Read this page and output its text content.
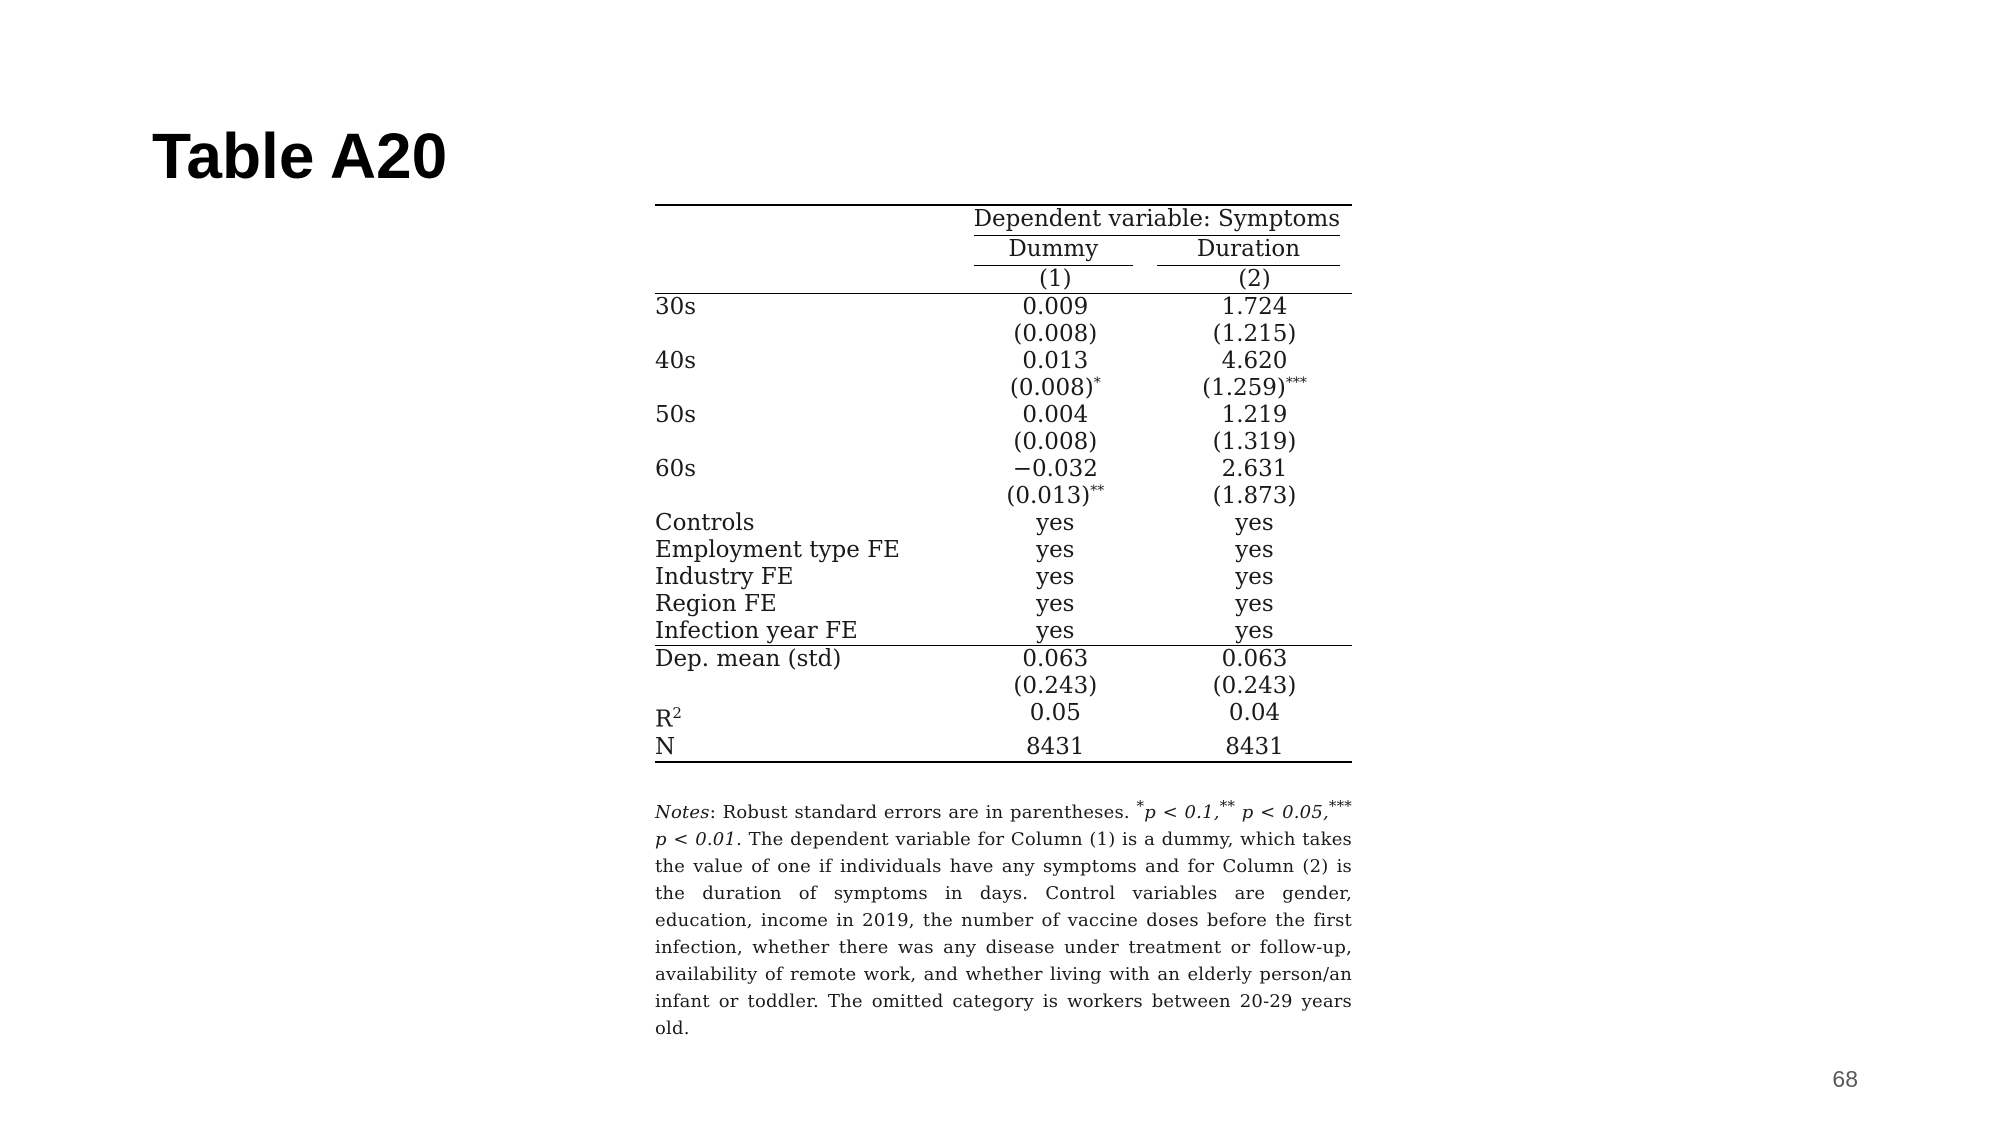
Table A20

	Dependent variable: Symptoms	

	Dummy	Duration

	(1)	(2)
30s	0.009	1.724
	(0.008)	(1.215)
40s	0.013	4.620
	(0.008)*	(1.259)***
50s	0.004	1.219
	(0.008)	(1.319)
60s	−0.032	2.631
	(0.013)**	(1.873)
Controls	yes	yes
Employment type FE	yes	yes
Industry FE	yes	yes
Region FE	yes	yes
Infection year FE	yes	yes
Dep. mean (std)	0.063	0.063
	(0.243)	(0.243)
$R^2$	0.05	0.04
N	8431	8431

Notes: Robust standard errors are in parentheses. *p < 0.1,** p < 0.05,*** p < 0.01. The dependent variable for Column (1) is a dummy, which takes the value of one if individuals have any symptoms and for Column (2) is the duration of symptoms in days. Control variables are gender, education, income in 2019, the number of vaccine doses before the first infection, whether there was any disease under treatment or follow-up, availability of remote work, and whether living with an elderly person/an infant or toddler. The omitted category is workers between 20-29 years old.

68
